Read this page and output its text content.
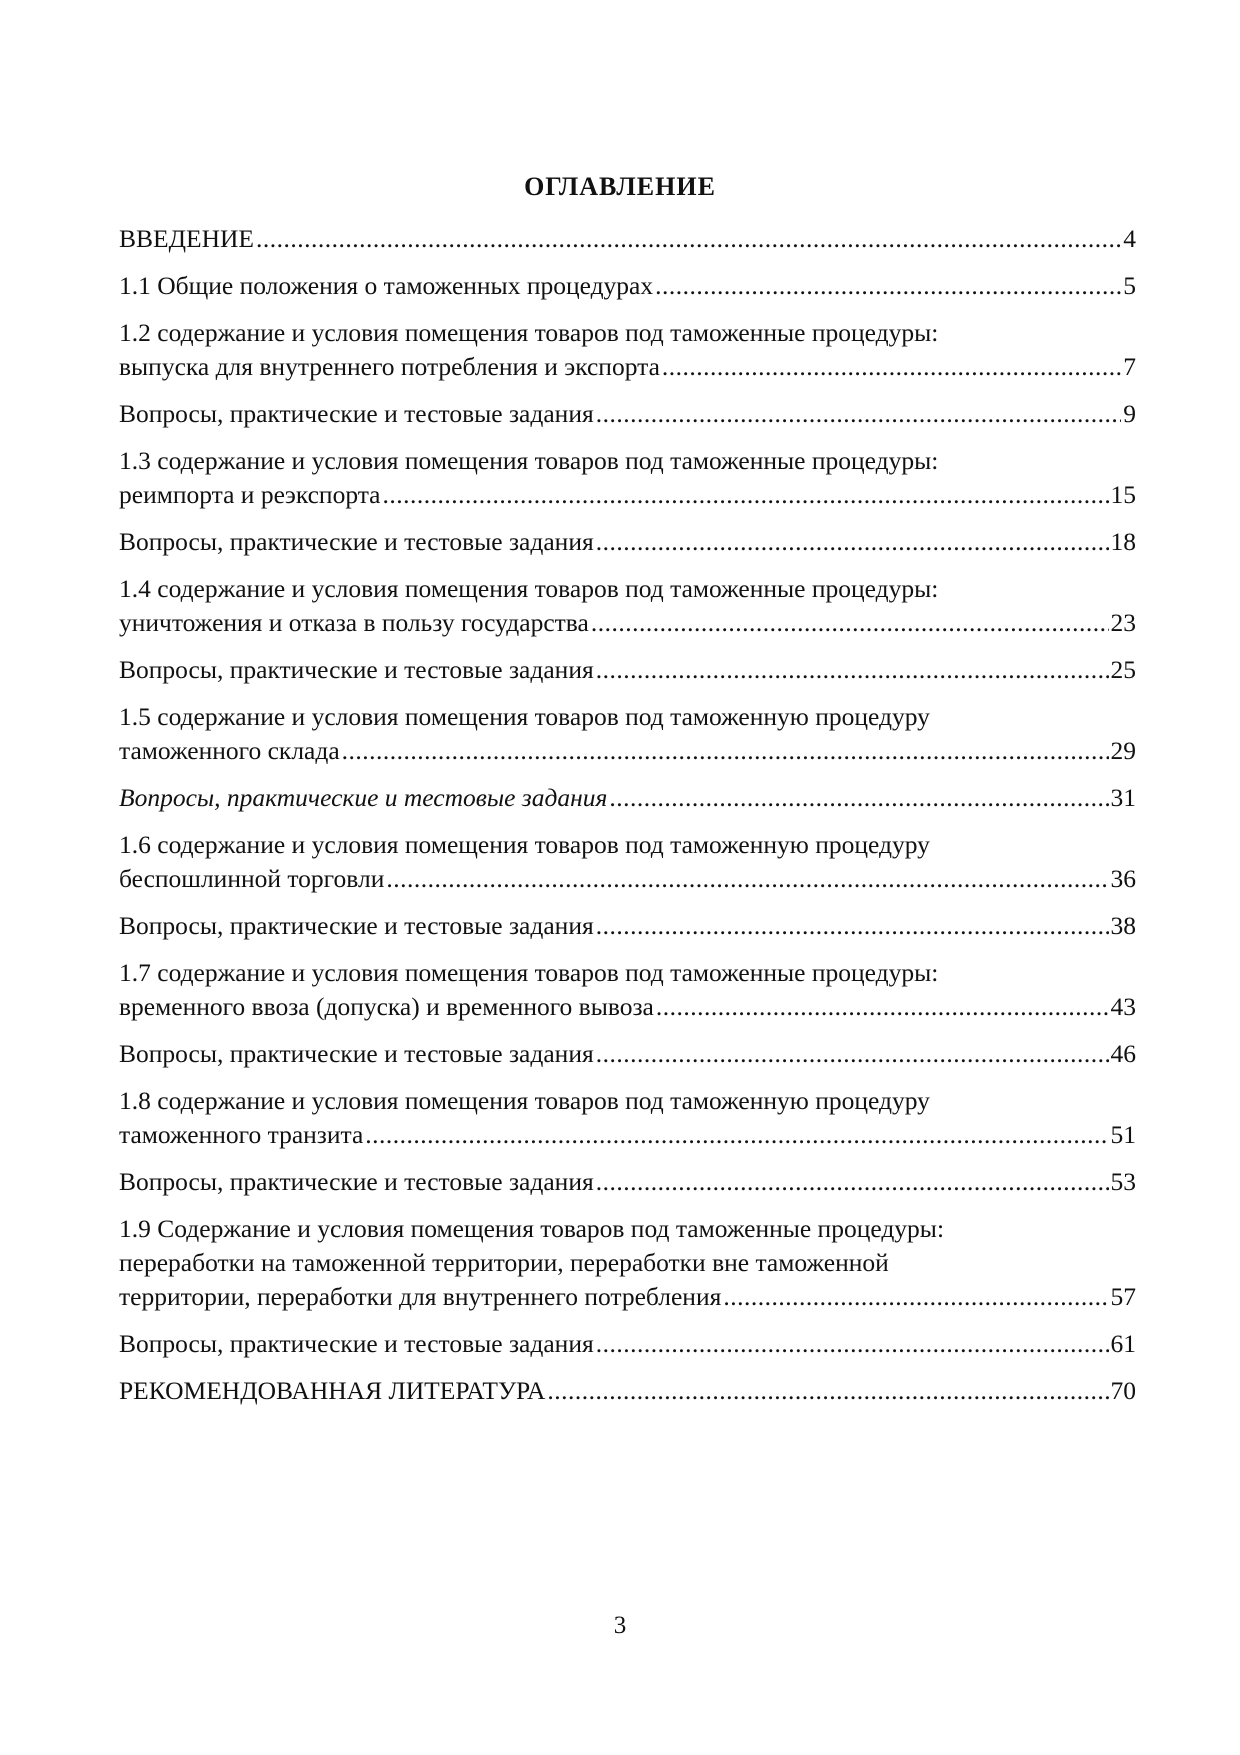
ОГЛАВЛЕНИЕ
ВВЕДЕНИЕ .....	4
1.1 Общие положения о таможенных процедурах .....	5
1.2 содержание и условия помещения товаров под таможенные процедуры:
выпуска для внутреннего потребления и экспорта .....	7
Вопросы, практические и тестовые задания .....	9
1.3 содержание и условия помещения товаров под таможенные процедуры:
реимпорта и реэкспорта .....	15
Вопросы, практические и тестовые задания .....	18
1.4 содержание и условия помещения товаров под таможенные процедуры:
уничтожения и отказа в пользу государства .....	23
Вопросы, практические и тестовые задания .....	25
1.5 содержание и условия помещения товаров под таможенную процедуру
таможенного склада .....	29
Вопросы, практические и тестовые задания .....	31
1.6 содержание и условия помещения товаров под таможенную процедуру
беспошлинной торговли .....	36
Вопросы, практические и тестовые задания .....	38
1.7 содержание и условия помещения товаров под таможенные процедуры:
временного ввоза (допуска) и временного вывоза .....	43
Вопросы, практические и тестовые задания .....	46
1.8 содержание и условия помещения товаров под таможенную процедуру
таможенного транзита .....	51
Вопросы, практические и тестовые задания .....	53
1.9 Содержание и условия помещения товаров под таможенные процедуры:
переработки на таможенной территории, переработки вне таможенной
территории, переработки для внутреннего потребления .....	57
Вопросы, практические и тестовые задания .....	61
РЕКОМЕНДОВАННАЯ ЛИТЕРАТУРА .....	70
3
